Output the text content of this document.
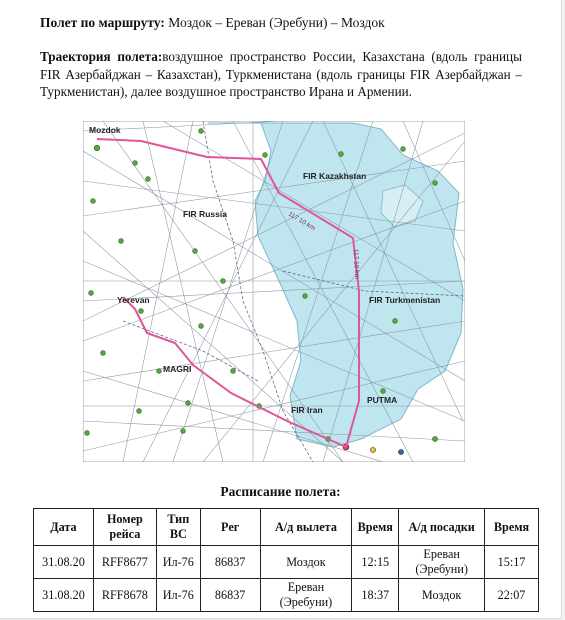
Полет по маршруту: Моздок – Ереван (Эребуни) – Моздок
Траектория полета:воздушное пространство России, Казахстана (вдоль границы FIR Азербайджан – Казахстан), Туркменистана (вдоль границы FIR Азербайджан – Туркменистан), далее воздушное пространство Ирана и Армении.
117 10 km
117 10 km
Mozdok
FIR Kazakhstan
FIR Russia
FIR Turkmenistan
Yerevan
MAGRI
PUTMA
FIR Iran
Расписание полета:
Дата	Номер рейса	Тип ВС	Рег	А/д вылета	Время	А/д посадки	Время
31.08.20	RFF8677	Ил-76	86837	Моздок	12:15	Ереван (Эребуни)	15:17
31.08.20	RFF8678	Ил-76	86837	Ереван (Эребуни)	18:37	Моздок	22:07
